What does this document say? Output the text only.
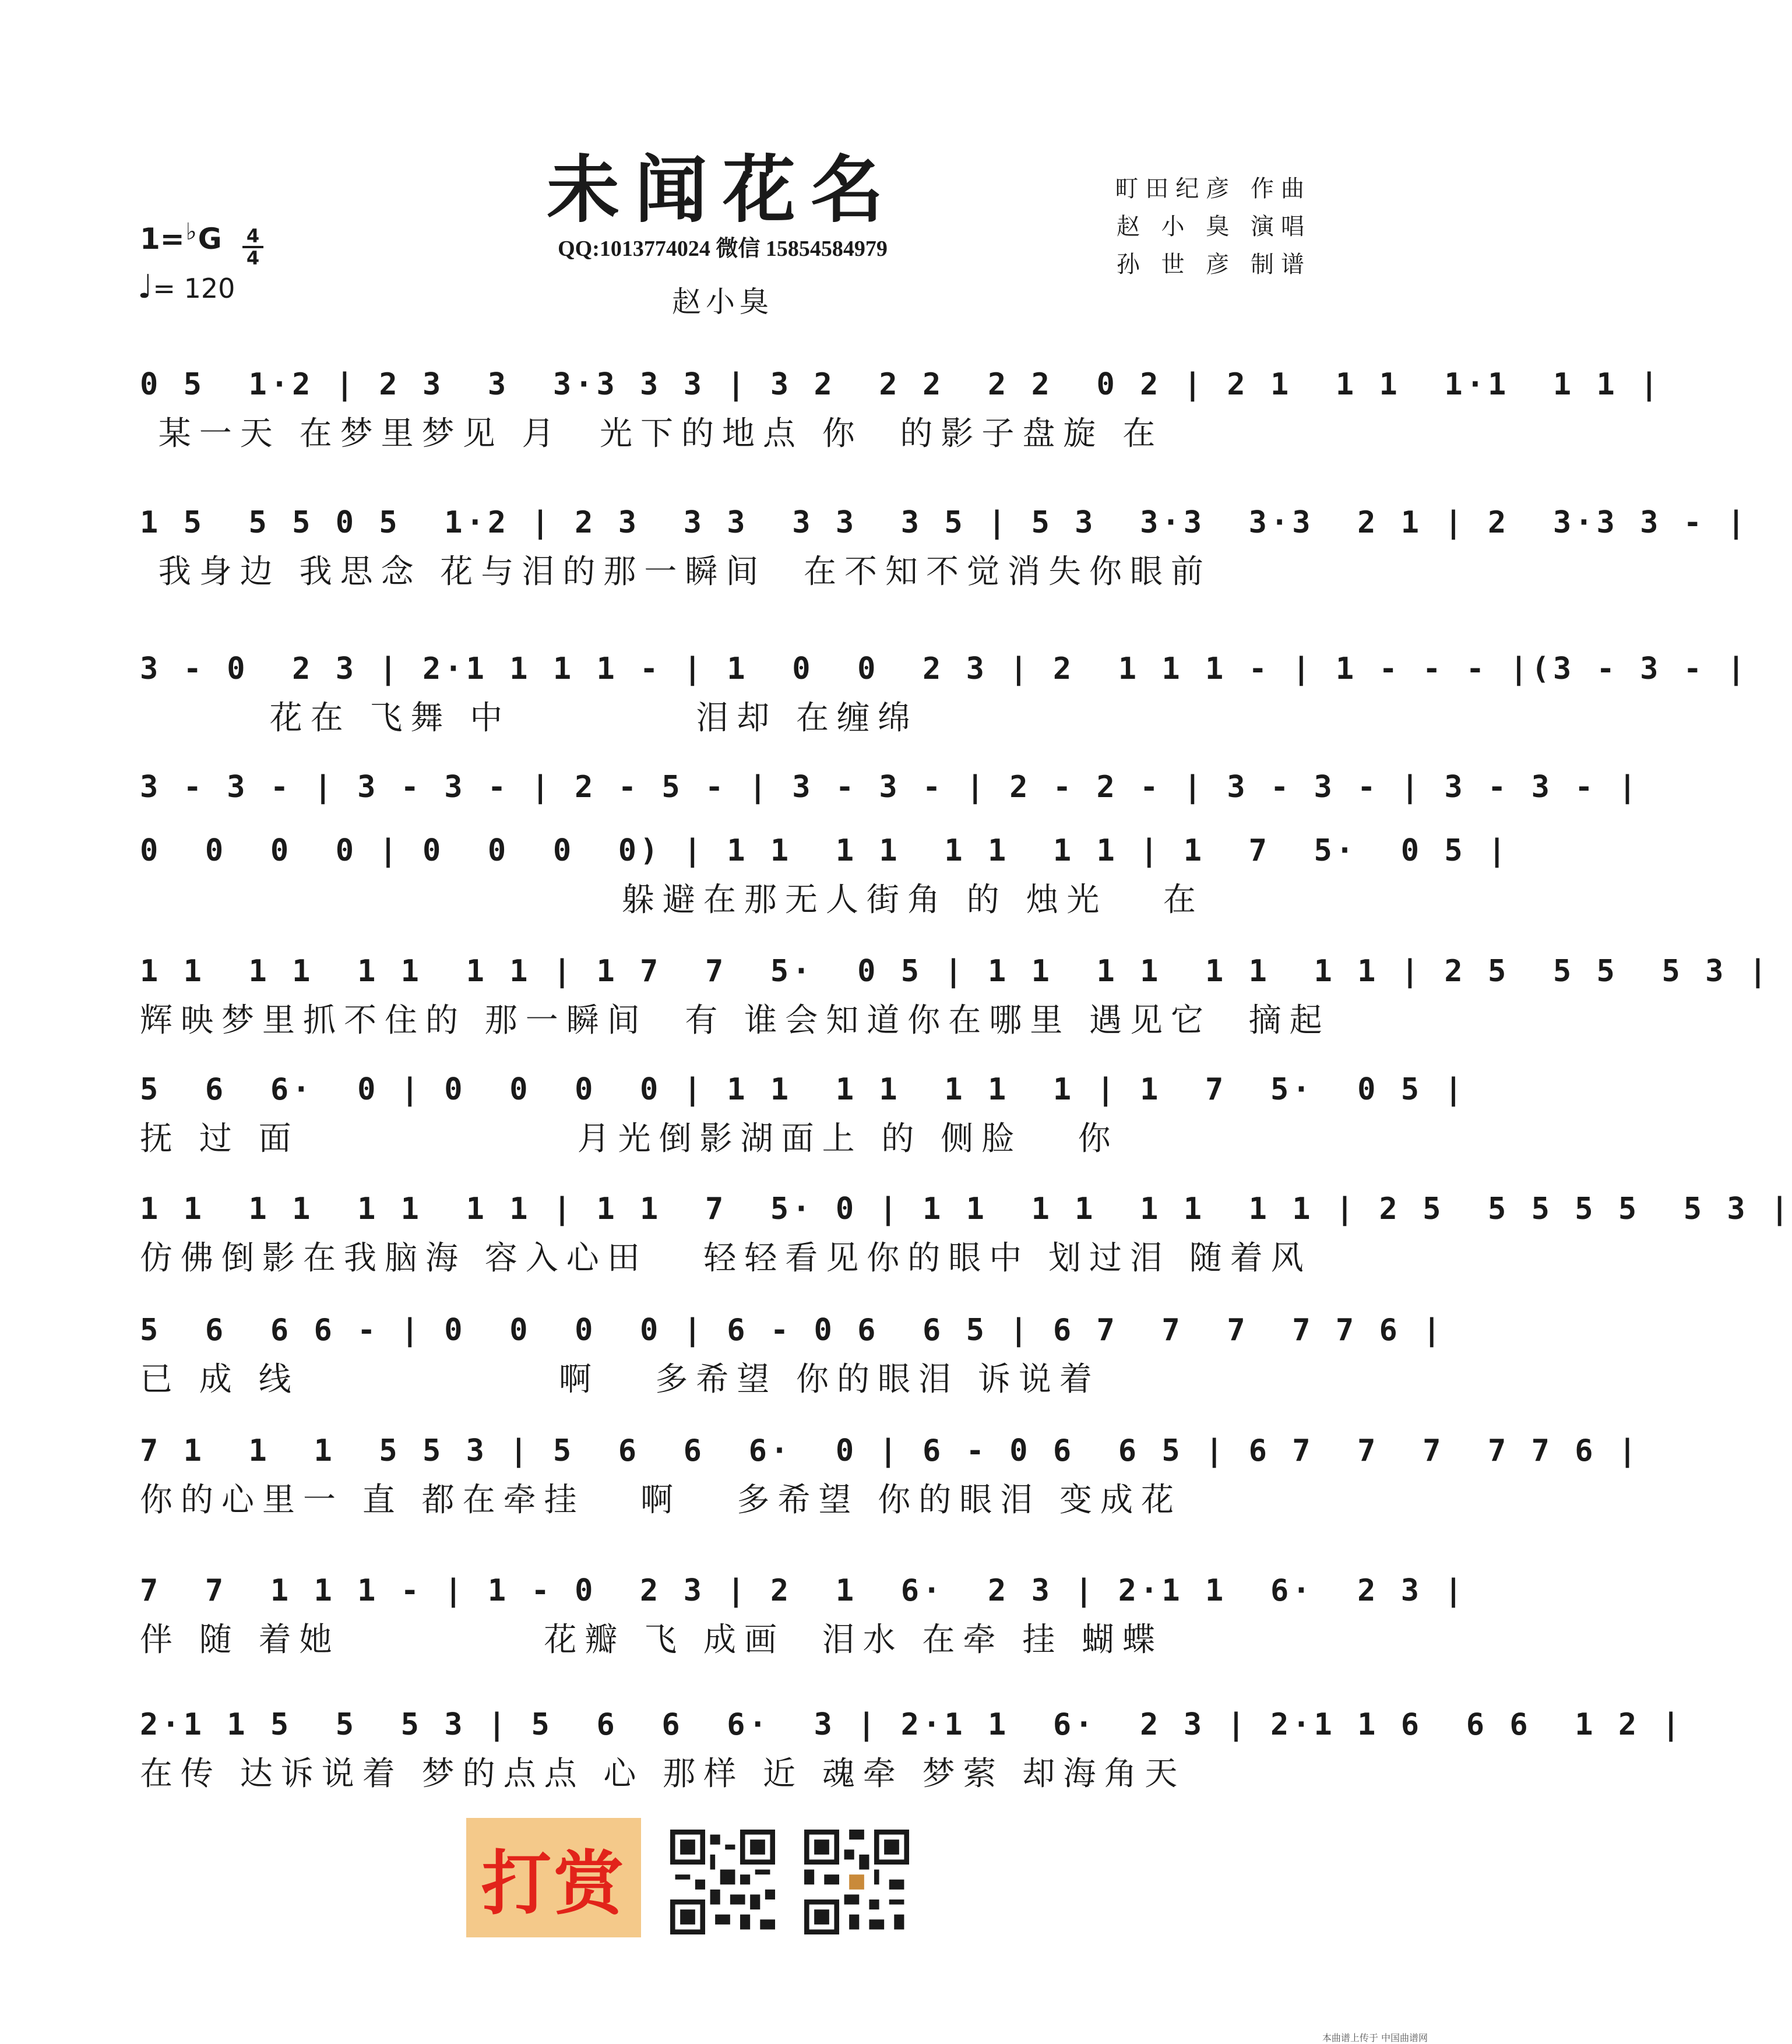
未闻花名
QQ:1013774024 微信 15854584979
赵小臭
町田纪彦 作曲
赵 小 臭 演唱
孙 世 彦 制谱
1=♭G 4
4
♩= 120
0 5  1·2 | 2 3  3  3·3 3 3 | 3 2  2 2  2 2  0 2 | 2 1  1 1  1·1  1 1 |
某一天 在梦里梦见 月  光下的地点 你  的影子盘旋 在
1 5  5 5 0 5  1·2 | 2 3  3 3  3 3  3 5 | 5 3  3·3  3·3  2 1 | 2  3·3 3 - |
我身边 我思念 花与泪的那一瞬间  在不知不觉消失你眼前
3 - 0  2 3 | 2·1 1 1 1 - | 1  0  0  2 3 | 2  1 1 1 - | 1 - - - |(3 - 3 - |
花在 飞舞 中          泪却 在缠绵
3 - 3 - | 3 - 3 - | 2 - 5 - | 3 - 3 - | 2 - 2 - | 3 - 3 - | 3 - 3 - |
0  0  0  0 | 0  0  0  0) | 1 1  1 1  1 1  1 1 | 1  7  5·  0 5 |
躲避在那无人街角 的 烛光   在
1 1  1 1  1 1  1 1 | 1 7  7  5·  0 5 | 1 1  1 1  1 1  1 1 | 2 5  5 5  5 3 |
辉映梦里抓不住的 那一瞬间  有 谁会知道你在哪里 遇见它  摘起
5  6  6·  0 | 0  0  0  0 | 1 1  1 1  1 1  1 | 1  7  5·  0 5 |
抚 过 面               月光倒影湖面上 的 侧脸   你
1 1  1 1  1 1  1 1 | 1 1  7  5· 0 | 1 1  1 1  1 1  1 1 | 2 5  5 5 5 5  5 3 |
仿佛倒影在我脑海 容入心田   轻轻看见你的眼中 划过泪 随着风
5  6  6 6 - | 0  0  0  0 | 6 - 0 6  6 5 | 6 7  7  7  7 7 6 |
已 成 线              啊   多希望 你的眼泪 诉说着
7 1  1  1  5 5 3 | 5  6  6  6·  0 | 6 - 0 6  6 5 | 6 7  7  7  7 7 6 |
你的心里一 直 都在牵挂   啊   多希望 你的眼泪 变成花
7  7  1 1 1 - | 1 - 0  2 3 | 2  1  6·  2 3 | 2·1 1  6·  2 3 |
伴 随 着她           花瓣 飞 成画  泪水 在牵 挂 蝴蝶
2·1 1 5  5  5 3 | 5  6  6  6·  3 | 2·1 1  6·  2 3 | 2·1 1 6  6 6  1 2 |
在传 达诉说着 梦的点点 心 那样 近 魂牵 梦萦 却海角天
打赏
本曲谱上传于 中国曲谱网
